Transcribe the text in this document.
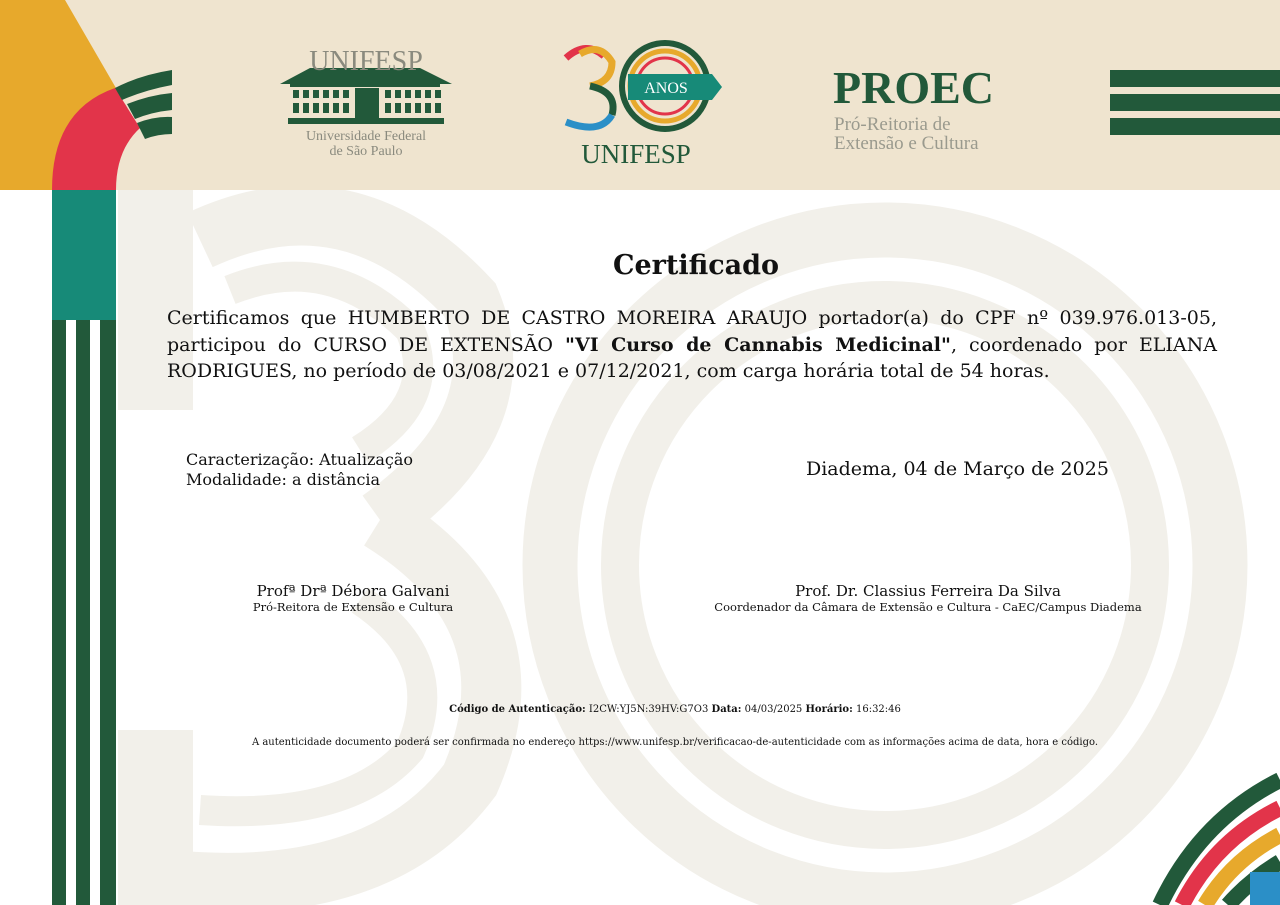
UNIFESP
Universidade Federal
de São Paulo
ANOS
UNIFESP
PROEC
Pró-Reitoria de
Extensão e Cultura
Certificado
Certificamos que HUMBERTO DE CASTRO MOREIRA ARAUJO portador(a) do CPF nº 039.976.013-05, participou do CURSO DE EXTENSÃO "VI Curso de Cannabis Medicinal", coordenado por ELIANA RODRIGUES, no período de 03/08/2021 e 07/12/2021, com carga horária total de 54 horas.
Caracterização: Atualização
Modalidade: a distância	Diadema, 04 de Março de 2025
Profª Drª Débora Galvani
Pró-Reitora de Extensão e Cultura
Prof. Dr. Classius Ferreira Da Silva
Coordenador da Câmara de Extensão e Cultura - CaEC/Campus Diadema
Código de Autenticação: I2CW:YJ5N:39HV:G7O3 Data: 04/03/2025 Horário: 16:32:46
A autenticidade documento poderá ser confirmada no endereço https://www.unifesp.br/verificacao-de-autenticidade com as informações acima de data, hora e código.
